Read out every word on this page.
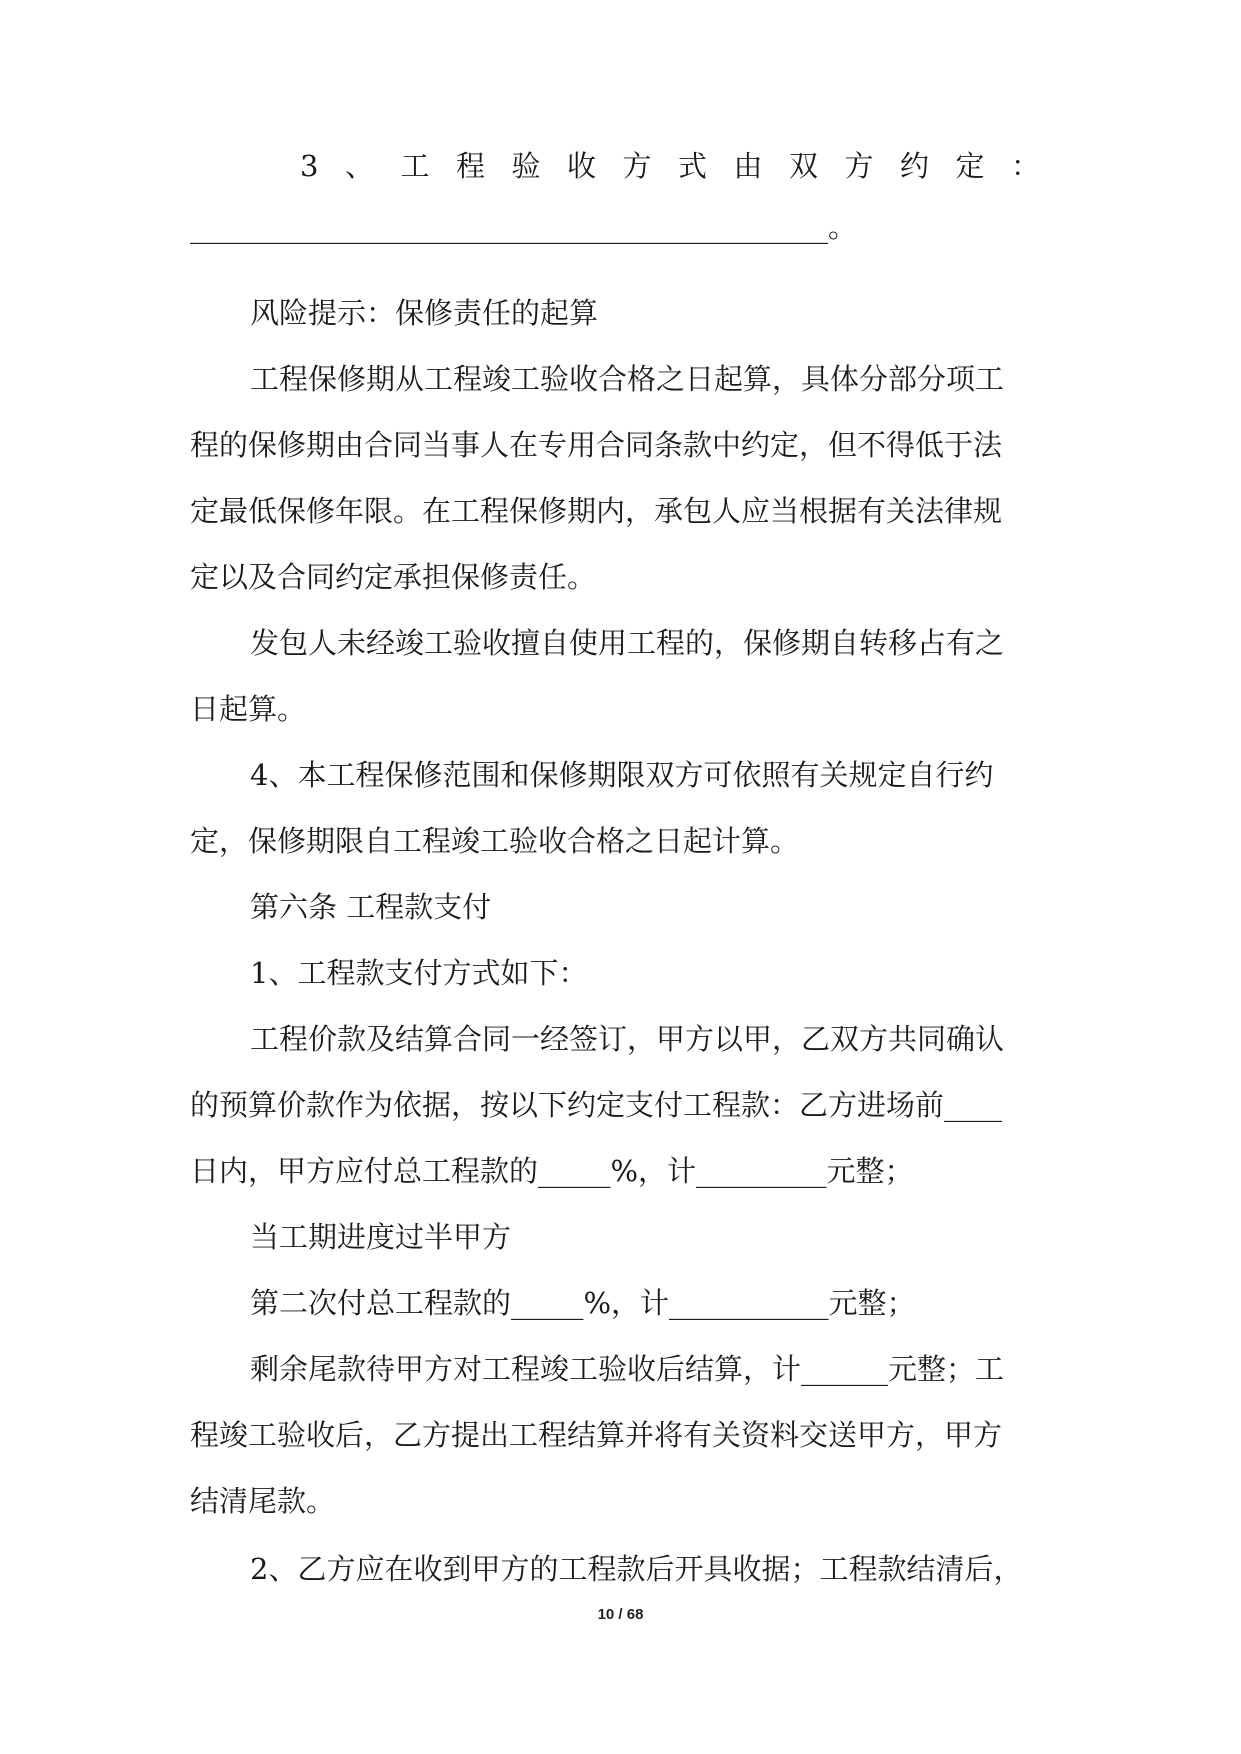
3 、 工 程 验 收 方 式 由 双 方 约 定 ：
____________________________________________。
风险提示：保修责任的起算
工程保修期从工程竣工验收合格之日起算，具体分部分项工
程的保修期由合同当事人在专用合同条款中约定，但不得低于法
定最低保修年限。在工程保修期内，承包人应当根据有关法律规
定以及合同约定承担保修责任。
发包人未经竣工验收擅自使用工程的，保修期自转移占有之
日起算。
4、本工程保修范围和保修期限双方可依照有关规定自行约
定，保修期限自工程竣工验收合格之日起计算。
第六条 工程款支付
1、工程款支付方式如下：
工程价款及结算合同一经签订，甲方以甲，乙双方共同确认
的预算价款作为依据，按以下约定支付工程款：乙方进场前____
日内，甲方应付总工程款的_____%，计_________元整；
当工期进度过半甲方
第二次付总工程款的_____%，计___________元整；
剩余尾款待甲方对工程竣工验收后结算，计______元整；工
程竣工验收后，乙方提出工程结算并将有关资料交送甲方，甲方
结清尾款。
2、乙方应在收到甲方的工程款后开具收据；工程款结清后，
10 / 68
